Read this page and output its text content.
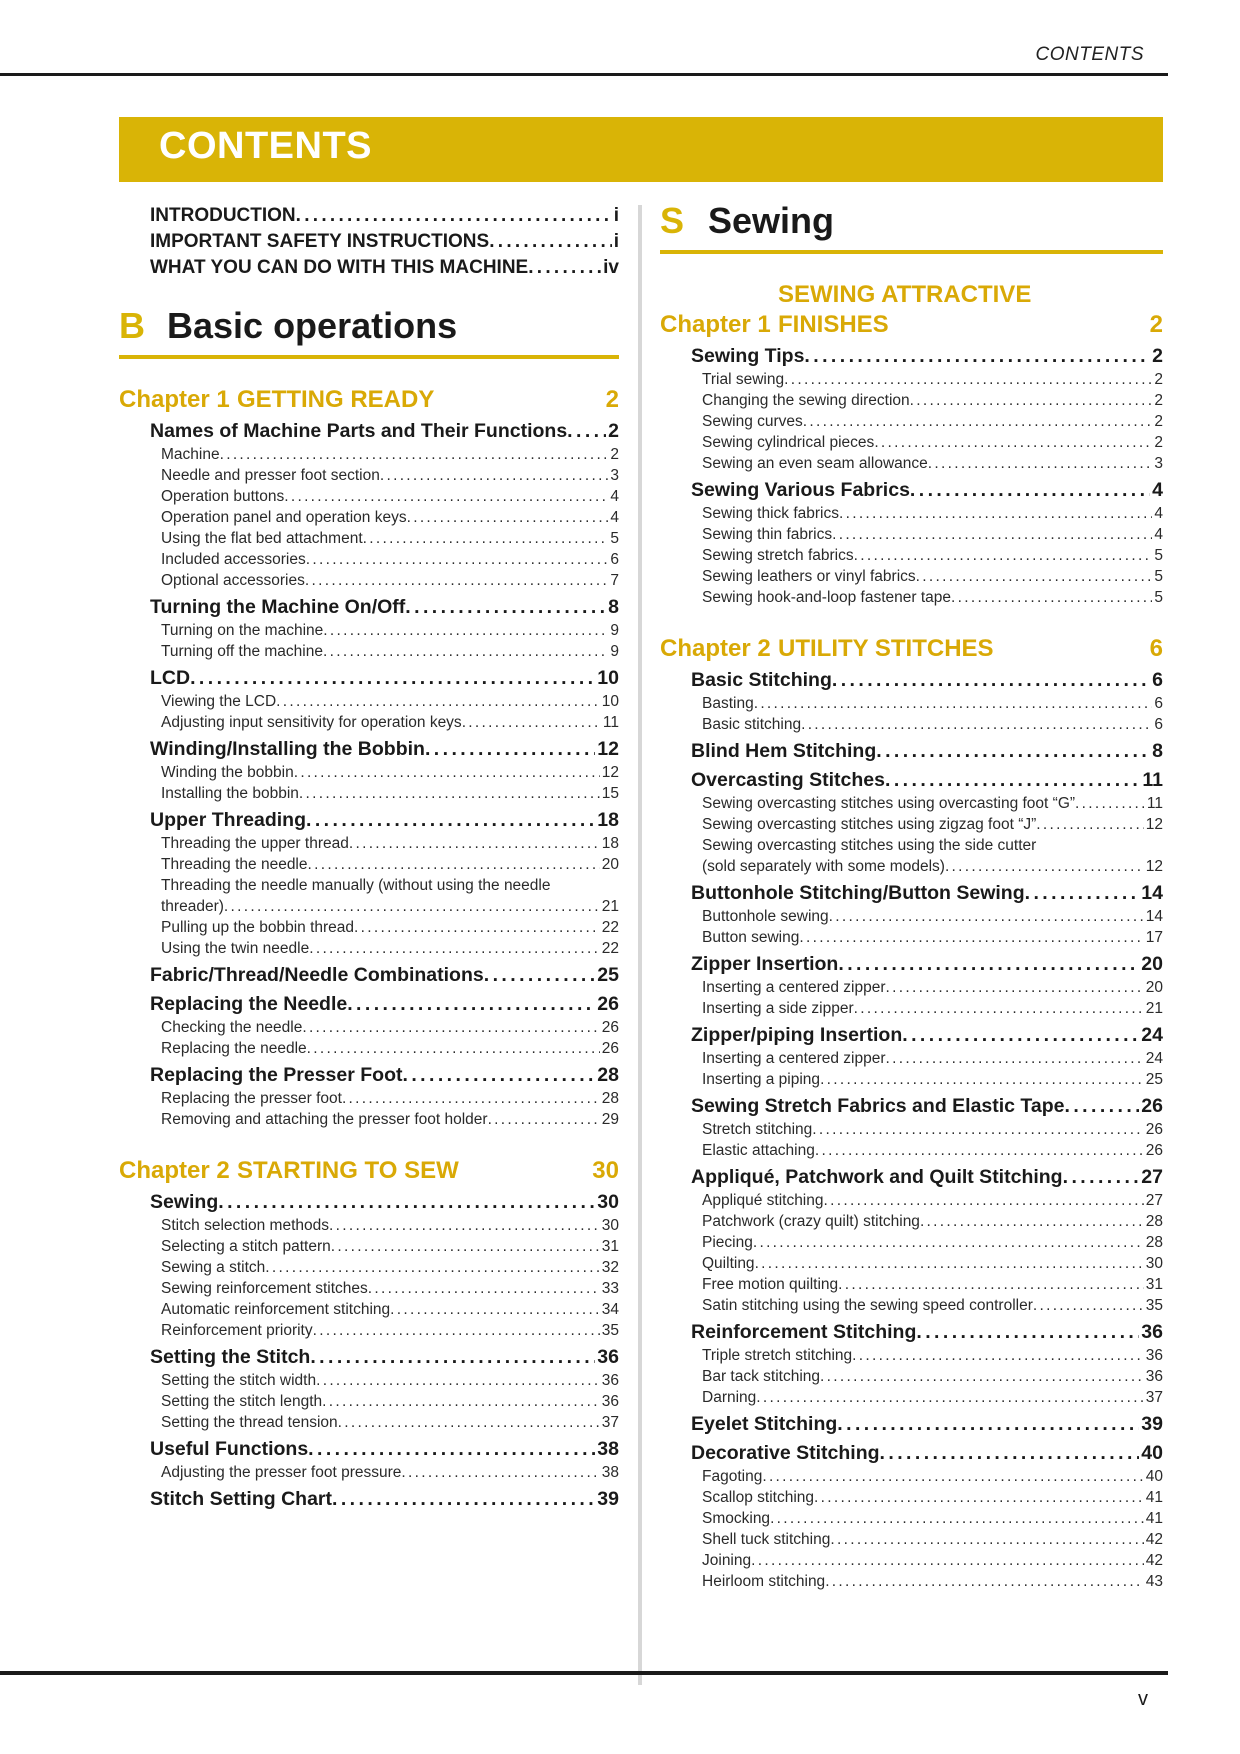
CONTENTS
CONTENTS
INTRODUCTION . . .	i
IMPORTANT SAFETY INSTRUCTIONS . . .	i
WHAT YOU CAN DO WITH THIS MACHINE . . .	iv
B Basic operations
Chapter 1 GETTING READY	2
Names of Machine Parts and Their Functions . . . 2
Machine . . .	2
Needle and presser foot section . . .	3
Operation buttons . . .	4
Operation panel and operation keys . . .	4
Using the flat bed attachment . . .	5
Included accessories . . .	6
Optional accessories . . .	7
Turning the Machine On/Off . . .	8
Turning on the machine . . .	9
Turning off the machine . . .	9
LCD . . .	10
Viewing the LCD . . .	10
Adjusting input sensitivity for operation keys . . .	11
Winding/Installing the Bobbin . . .	12
Winding the bobbin . . .	12
Installing the bobbin . . .	15
Upper Threading . . .	18
Threading the upper thread . . .	18
Threading the needle . . .	20
Threading the needle manually (without using the needle
threader) . . .	21
Pulling up the bobbin thread . . .	22
Using the twin needle . . .	22
Fabric/Thread/Needle Combinations . . .	25
Replacing the Needle . . .	26
Checking the needle . . .	26
Replacing the needle . . .	26
Replacing the Presser Foot . . .	28
Replacing the presser foot . . .	28
Removing and attaching the presser foot holder . . .	29
Chapter 2 STARTING TO SEW	30
Sewing . . .	30
Stitch selection methods . . .	30
Selecting a stitch pattern . . .	31
Sewing a stitch . . .	32
Sewing reinforcement stitches . . .	33
Automatic reinforcement stitching . . .	34
Reinforcement priority . . .	35
Setting the Stitch . . .	36
Setting the stitch width . . .	36
Setting the stitch length . . .	36
Setting the thread tension . . .	37
Useful Functions . . .	38
Adjusting the presser foot pressure . . .	38
Stitch Setting Chart . . .	39
S Sewing
Chapter 1
SEWING ATTRACTIVE
FINISHES	2
Sewing Tips . . .	2
Trial sewing . . .	2
Changing the sewing direction . . .	2
Sewing curves . . .	2
Sewing cylindrical pieces . . .	2
Sewing an even seam allowance . . .	3
Sewing Various Fabrics . . .	4
Sewing thick fabrics . . .	4
Sewing thin fabrics . . .	4
Sewing stretch fabrics . . .	5
Sewing leathers or vinyl fabrics . . .	5
Sewing hook-and-loop fastener tape . . .	5
Chapter 2 UTILITY STITCHES	6
Basic Stitching . . .	6
Basting . . .	6
Basic stitching . . .	6
Blind Hem Stitching . . .	8
Overcasting Stitches . . .	11
Sewing overcasting stitches using overcasting foot “G” . . .	11
Sewing overcasting stitches using zigzag foot “J” . . .	12
Sewing overcasting stitches using the side cutter
(sold separately with some models) . . .	12
Buttonhole Stitching/Button Sewing . . .	14
Buttonhole sewing . . .	14
Button sewing . . .	17
Zipper Insertion . . .	20
Inserting a centered zipper . . .	20
Inserting a side zipper . . .	21
Zipper/piping Insertion . . .	24
Inserting a centered zipper . . .	24
Inserting a piping . . .	25
Sewing Stretch Fabrics and Elastic Tape . . .	26
Stretch stitching . . .	26
Elastic attaching . . .	26
Appliqué, Patchwork and Quilt Stitching . . .	27
Appliqué stitching . . .	27
Patchwork (crazy quilt) stitching . . .	28
Piecing . . .	28
Quilting . . .	30
Free motion quilting . . .	31
Satin stitching using the sewing speed controller . . .	35
Reinforcement Stitching . . .	36
Triple stretch stitching . . .	36
Bar tack stitching . . .	36
Darning . . .	37
Eyelet Stitching . . .	39
Decorative Stitching . . .	40
Fagoting . . .	40
Scallop stitching . . .	41
Smocking . . .	41
Shell tuck stitching . . .	42
Joining . . .	42
Heirloom stitching . . .	43
v
